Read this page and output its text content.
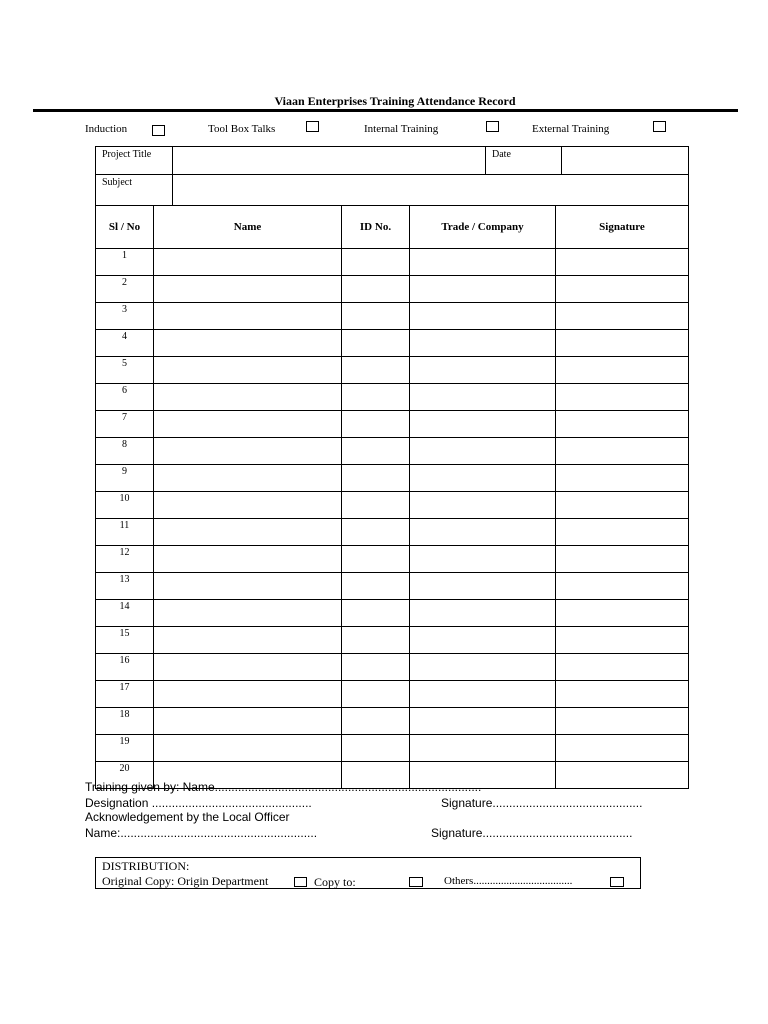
Viaan Enterprises Training Attendance Record
Induction	Tool Box Talks	Internal Training	External Training
Project Title		Date	

Subject			

Sl / No	Name	ID No.	Trade / Company	Signature
1				
2				
3				
4				
5				
6				
7				
8				
9				
10				
11				
12				
13				
14				
15				
16				
17				
18				
19				
20				
Training given by: Name................................................................................
Designation ................................................	Signature.............................................
Acknowledgement by the Local Officer
Name:...........................................................	Signature.............................................
DISTRIBUTION:
Original Copy: Origin Department	Copy to:	Others....................................
